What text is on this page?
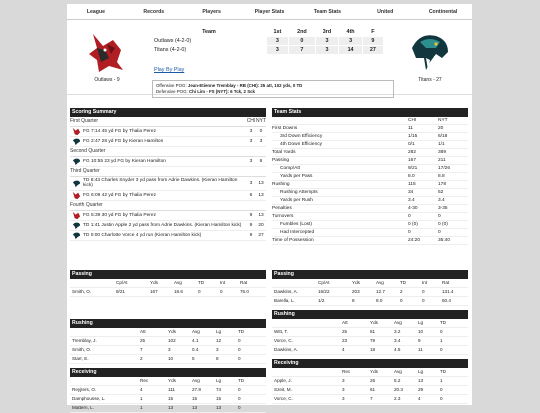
League	Records	Players	Player Stats	Team Stats	United	Continental
Outlaws - 9
Team	1st	2nd	3rd	4th	F
Outlaws (4-2-0)	3	0	3	3	9
Titans (4-2-0)	3	7	3	14	27
Play By Play
Offensive POG: Jean-Etienne Tremblay - RB (CHI): 25 att, 102 yds, 0 TD
Defensive POG: Chi Lim - FS (NYT): 6 Tck, 2 Sck
Titans - 27
Scoring Summary
First Quarter	CHI NYT
FG 7:14 45 yd FG by Thalia Perez	3	0
FG 2:47 28 yd FG by Kieran Hamilton	3	3
Second Quarter
FG 10:55 23 yd FG by Kieran Hamilton	3	6
Third Quarter
TD 8:43 Charles Snyder 3 yd pass from Adrie Dawkins. (Kieran Hamilton kick)	3	13
FG 6:09 42 yd FG by Thalia Perez	6	13
Fourth Quarter
FG 5:39 30 yd FG by Thalia Perez	9	13
TD 1:41 Justin Apple 2 yd pass from Adrie Dawkins. (Kieran Hamilton kick)	9	20
TD 0:00 Charlotte Vorce 4 yd run (Kieran Hamilton kick)	9	27
Team Stats
CHI	NYT
First Downs	11	20
3rd Down Efficiency	1/15	6/18
4th Down Efficiency	0/1	1/1
Total Yards	282	389
Passing	167	211
Comp/Att	9/21	17/26
Yards per Pass	8.0	8.8
Rushing	115	178
Rushing Attempts	34	52
Yards per Rush	3.4	3.4
Penalties	4-30	3-35
Turnovers	0	0
Fumbles (Lost)	0 (0)	0 (0)
Had Intercepted	0	0
Time of Possession	24:20	35:40
Passing
Cp/At	Yds	Avg	TD	Int	Rat
Smith, O.	9/21	167	18.6	0	0	76.0
Rushing
Att	Yds	Avg	Lg	TD
Tremblay, J.	25	102	4.1	12	0
Smith, O.	7	3	0.4	3	0
Starr, E.	2	10	5	8	0
Receiving
Rec	Yds	Avg	Lg	TD
Reyjters, O.	4	111	27.8	74	0
Damphousse, L.	1	15	15	15	0
Mattern, L.	1	13	13	13	0
Passing
Cp/At	Yds	Avg	TD	Int	Rat
Dawkins, A.	16/22	203	12.7	2	0	131.4
Barella, L.	1/2	8	8.0	0	0	60.4
Rushing
Att	Yds	Avg	Lg	TD
Witt, T.	25	81	3.2	10	0
Vorce, C.	23	79	3.4	9	1
Dawkins, A.	4	18	4.5	11	0
Receiving
Rec	Yds	Avg	Lg	TD
Apple, J.	3	26	5.2	13	1
Szeit, M.	3	61	20.3	29	0
Vorce, C.	3	7	2.3	4	0
